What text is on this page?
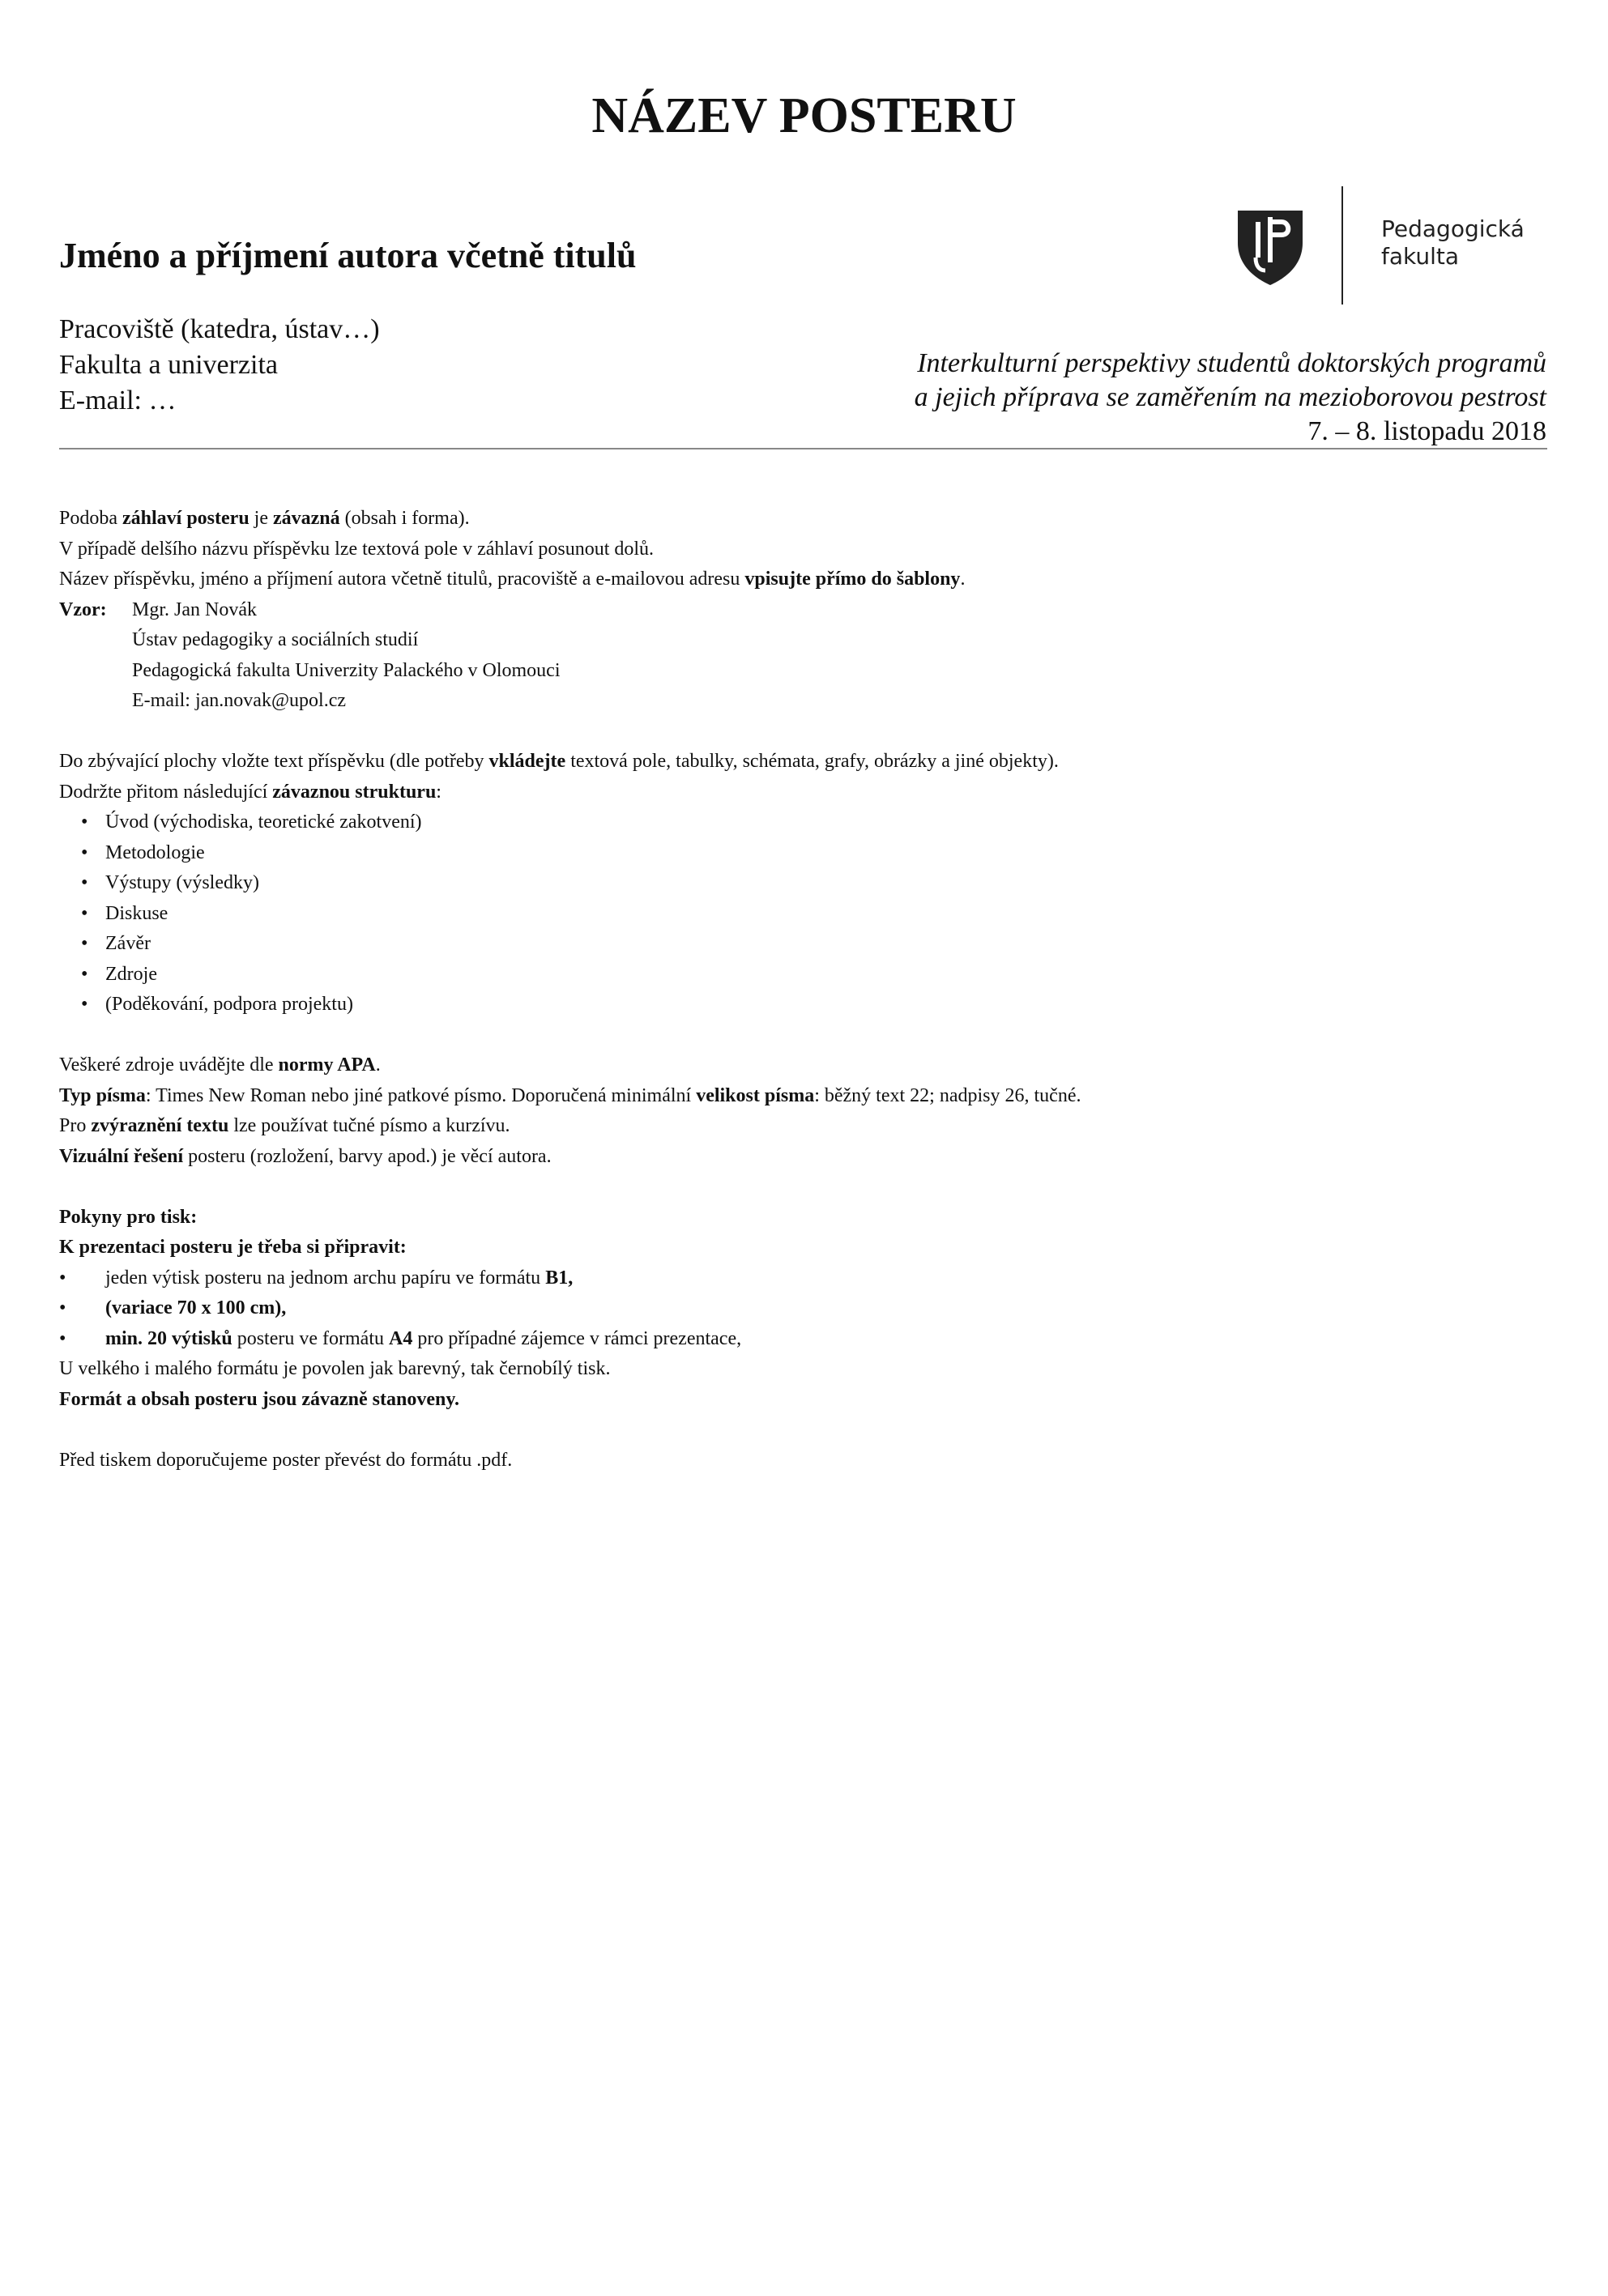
NÁZEV POSTERU
Jméno a příjmení autora včetně titulů
Pracoviště (katedra, ústav…)
Fakulta a univerzita
E-mail: …
Pedagogická
fakulta
Interkulturní perspektivy studentů doktorských programů
a jejich příprava se zaměřením na mezioborovou pestrost
7. – 8. listopadu 2018

Podoba záhlaví posteru je závazná (obsah i forma).

V případě delšího názvu příspěvku lze textová pole v záhlaví posunout dolů.

Název příspěvku, jméno a příjmení autora včetně titulů, pracoviště a e-mailovou adresu vpisujte přímo do šablony.

Vzor:	Mgr. Jan Novák

Ústav pedagogiky a sociálních studií

Pedagogická fakulta Univerzity Palackého v Olomouci

E-mail: jan.novak@upol.cz

Do zbývající plochy vložte text příspěvku (dle potřeby vkládejte textová pole, tabulky, schémata, grafy, obrázky a jiné objekty).

Dodržte přitom následující závaznou strukturu:

• Úvod (východiska, teoretické zakotvení)
• Metodologie
• Výstupy (výsledky)
• Diskuse
• Závěr
• Zdroje
• (Poděkování, podpora projektu)

Veškeré zdroje uvádějte dle normy APA.

Typ písma: Times New Roman nebo jiné patkové písmo. Doporučená minimální velikost písma: běžný text 22; nadpisy 26, tučné.

Pro zvýraznění textu lze používat tučné písmo a kurzívu.

Vizuální řešení posteru (rozložení, barvy apod.) je věcí autora.

Pokyny pro tisk:

K prezentaci posteru je třeba si připravit:

• jeden výtisk posteru na jednom archu papíru ve formátu B1,
• (variace 70 x 100 cm),
• min. 20 výtisků posteru ve formátu A4 pro případné zájemce v rámci prezentace,

U velkého i malého formátu je povolen jak barevný, tak černobílý tisk.

Formát a obsah posteru jsou závazně stanoveny.

Před tiskem doporučujeme poster převést do formátu .pdf.
